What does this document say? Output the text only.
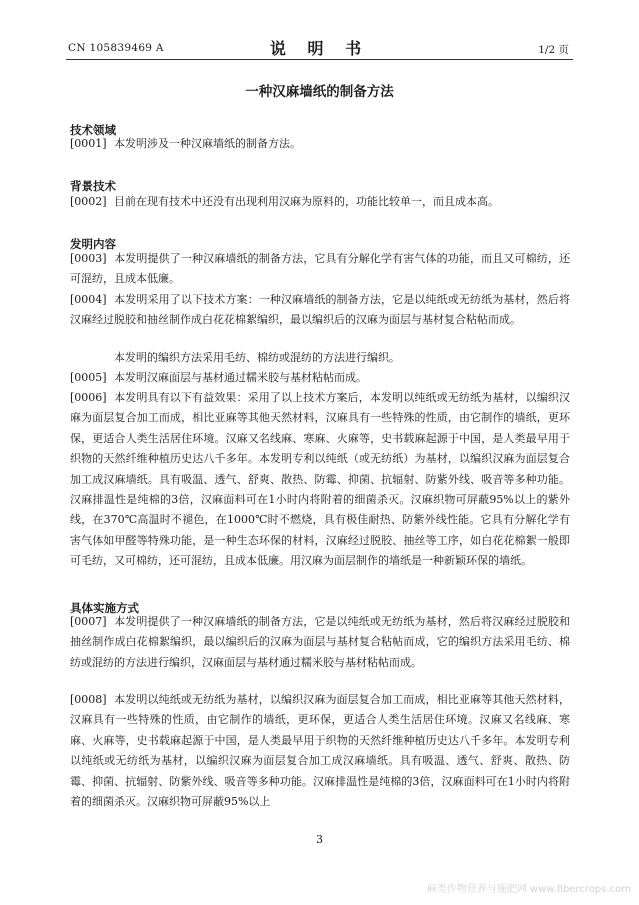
CN 105839469 A	说 明 书	1/2 页
一种汉麻墙纸的制备方法
技术领域
[0001] 本发明涉及一种汉麻墙纸的制备方法。
背景技术
[0002] 目前在现有技术中还没有出现利用汉麻为原料的，功能比较单一，而且成本高。
发明内容
[0003] 本发明提供了一种汉麻墙纸的制备方法，它具有分解化学有害气体的功能，而且又可棉纺，还可混纺，且成本低廉。
[0004] 本发明采用了以下技术方案：一种汉麻墙纸的制备方法，它是以纯纸或无纺纸为基材，然后将汉麻经过脱胶和抽丝制作成白花花棉絮编织，最以编织后的汉麻为面层与基材复合粘帖而成。
本发明的编织方法采用毛纺、棉纺或混纺的方法进行编织。
[0005] 本发明汉麻面层与基材通过糯米胶与基材粘帖而成。
[0006] 本发明具有以下有益效果：采用了以上技术方案后，本发明以纯纸或无纺纸为基材，以编织汉麻为面层复合加工而成，相比亚麻等其他天然材料，汉麻具有一些特殊的性质，由它制作的墙纸，更环保，更适合人类生活居住环境。汉麻又名线麻、寒麻、火麻等，史书载麻起源于中国，是人类最早用于织物的天然纤维种植历史达八千多年。本发明专利以纯纸（或无纺纸）为基材，以编织汉麻为面层复合加工成汉麻墙纸。具有吸温、透气、舒爽、散热、防霉、抑菌、抗辐射、防紫外线、吸音等多种功能。汉麻排温性是纯棉的3倍，汉麻面料可在1小时内将附着的细菌杀灭。汉麻织物可屏蔽95%以上的紫外线，在370℃高温时不褪色，在1000℃时不燃烧，具有极佳耐热、防紫外线性能。它具有分解化学有害气体如甲醛等特殊功能，是一种生态环保的材料，汉麻经过脱胶、抽丝等工序，如白花花棉絮一般即可毛纺，又可棉纺，还可混纺，且成本低廉。用汉麻为面层制作的墙纸是一种新颖环保的墙纸。
具体实施方式
[0007] 本发明提供了一种汉麻墙纸的制备方法，它是以纯纸或无纺纸为基材，然后将汉麻经过脱胶和抽丝制作成白花棉絮编织，最以编织后的汉麻为面层与基材复合粘帖而成，它的编织方法采用毛纺、棉纺或混纺的方法进行编织，汉麻面层与基材通过糯米胶与基材粘帖而成。
[0008] 本发明以纯纸或无纺纸为基材，以编织汉麻为面层复合加工而成，相比亚麻等其他天然材料，汉麻具有一些特殊的性质，由它制作的墙纸，更环保，更适合人类生活居住环境。汉麻又名线麻、寒麻、火麻等，史书载麻起源于中国，是人类最早用于织物的天然纤维种植历史达八千多年。本发明专利以纯纸或无纺纸为基材，以编织汉麻为面层复合加工成汉麻墙纸。具有吸温、透气、舒爽、散热、防霉、抑菌、抗辐射、防紫外线、吸音等多种功能。汉麻排温性是纯棉的3倍，汉麻面料可在1小时内将附着的细菌杀灭。汉麻织物可屏蔽95%以上
3
麻类作物营养与施肥网 www.fibercrops.com
